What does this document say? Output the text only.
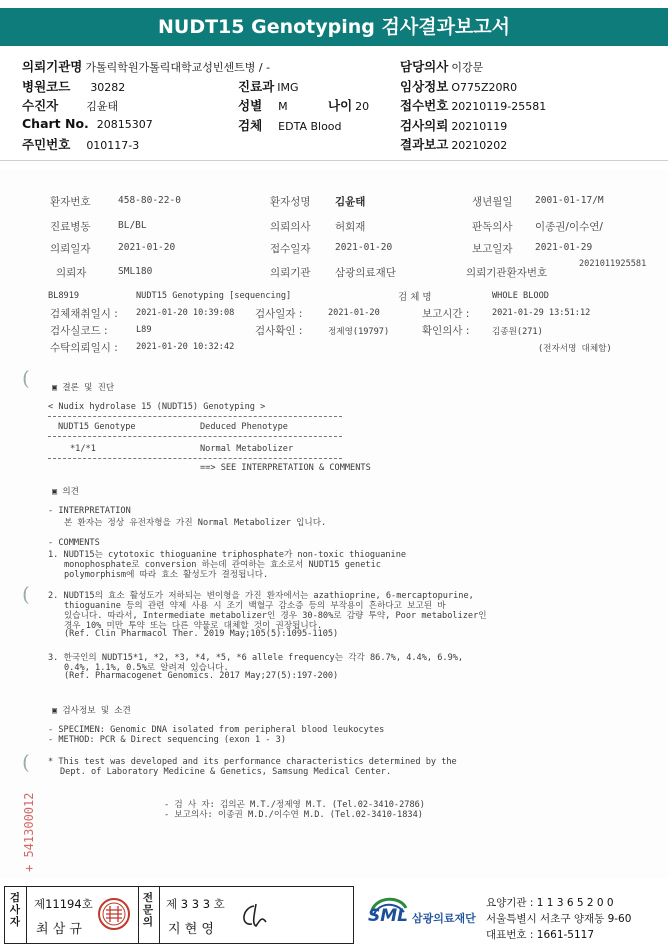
NUDT15 Genotyping 검사결과보고서
의뢰기관명 가톨릭학원가톨릭대학교성빈센트병 / -	담당의사 이강문
병원코드 30282	진료과 IMG	임상정보 O775Z20R0
수진자	김윤태	성별 M	나이 20 접수번호 20210119-25581
Chart No. 20815307	검체 EDTA Blood	검사의뢰 20210119
주민번호 010117-3	결과보고 20210202
환자번호	458-80-22-0	환자성명 김윤태	생년월일 2001-01-17/M
진료병동	BL/BL	의뢰의사 허회재	판독의사 이종권/이수연/
의뢰일자	2021-01-20	접수일자	2021-01-20	보고일자 2021-01-29
의뢰자	SML180	의뢰기관 삼광의료재단	의뢰기관환자번호
2021011925581
BL8919	NUDT15 Genotyping [sequencing]	검 체 명	WHOLE BLOOD
검체채취일시 : 2021-01-20 10:39:08 검사일자 :	2021-01-20	보고시간 :	2021-01-29 13:51:12
검사실코드 :	L89	검사확인 :	정제영(19797)	확인의사 :	김종원(271)
수탁의뢰일시 : 2021-01-20 10:32:42	(전자서명 대체함)
(
(
(
▣ 결론 및 진단
< Nudix hydrolase 15 (NUDT15) Genotyping >
NUDT15 Genotype	Deduced Phenotype
*1/*1	Normal Metabolizer
==> SEE INTERPRETATION & COMMENTS
▣ 의견
- INTERPRETATION
본 환자는 정상 유전자형을 가진 Normal Metabolizer 입니다.
- COMMENTS
1. NUDT15는 cytotoxic thioguanine triphosphate가 non-toxic thioguanine
monophosphate로 conversion 하는데 관여하는 효소로서 NUDT15 genetic
polymorphism에 따라 효소 활성도가 결정됩니다.
2. NUDT15의 효소 활성도가 저하되는 변이형을 가진 환자에서는 azathioprine, 6-mercaptopurine,
thioguanine 등의 관련 약제 사용 시 조기 백혈구 감소증 등의 부작용이 흔하다고 보고된 바
있습니다. 따라서, Intermediate metabolizer인 경우 30-80%로 감량 투약, Poor metabolizer인
경우 10% 미만 투약 또는 다른 약물로 대체할 것이 권장됩니다.
(Ref. Clin Pharmacol Ther. 2019 May;105(5):1095-1105)
3. 한국인의 NUDT15*1, *2, *3, *4, *5, *6 allele frequency는 각각 86.7%, 4.4%, 6.9%,
0.4%, 1.1%, 0.5%로 알려져 있습니다.
(Ref. Pharmacogenet Genomics. 2017 May;27(5):197-200)
▣ 검사정보 및 소견
- SPECIMEN: Genomic DNA isolated from peripheral blood leukocytes
- METHOD: PCR & Direct sequencing (exon 1 - 3)
* This test was developed and its performance characteristics determined by the
Dept. of Laboratory Medicine & Genetics, Samsung Medical Center.
- 검 사 자: 김의곤 M.T./정제영 M.T. (Tel.02-3410-2786)
- 보고의사: 이종권 M.D./이수연 M.D. (Tel.02-3410-1834)
+ 541300012
검사자
제11194호
최 삼 규
전문의
제 3 3 3 호
지 현 영
SML 삼광의료재단
요양기관 : 1 1 3 6 5 2 0 0
서울특별시 서초구 양재동 9-60
대표번호 : 1661-5117
